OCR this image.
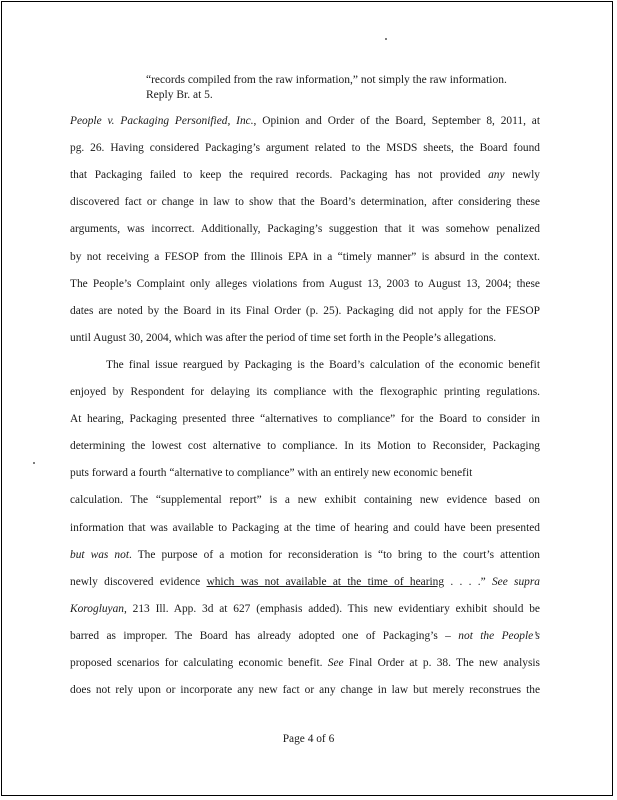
“records compiled from the raw information,” not simply the raw information.
Reply Br. at 5.
People v. Packaging Personified, Inc., Opinion and Order of the Board, September 8, 2011, at
pg. 26. Having considered Packaging’s argument related to the MSDS sheets, the Board found
that Packaging failed to keep the required records. Packaging has not provided any newly
discovered fact or change in law to show that the Board’s determination, after considering these
arguments, was incorrect. Additionally, Packaging’s suggestion that it was somehow penalized
by not receiving a FESOP from the Illinois EPA in a “timely manner” is absurd in the context.
The People’s Complaint only alleges violations from August 13, 2003 to August 13, 2004; these
dates are noted by the Board in its Final Order (p. 25). Packaging did not apply for the FESOP
until August 30, 2004, which was after the period of time set forth in the People’s allegations.
The final issue reargued by Packaging is the Board’s calculation of the economic benefit
enjoyed by Respondent for delaying its compliance with the flexographic printing regulations.
At hearing, Packaging presented three “alternatives to compliance” for the Board to consider in
determining the lowest cost alternative to compliance. In its Motion to Reconsider, Packaging
puts forward a fourth “alternative to compliance” with an entirely new economic benefit
calculation. The “supplemental report” is a new exhibit containing new evidence based on
information that was available to Packaging at the time of hearing and could have been presented
but was not. The purpose of a motion for reconsideration is “to bring to the court’s attention
newly discovered evidence which was not available at the time of hearing . . . .” See supra
Korogluyan, 213 Ill. App. 3d at 627 (emphasis added). This new evidentiary exhibit should be
barred as improper. The Board has already adopted one of Packaging’s – not the People’s
proposed scenarios for calculating economic benefit. See Final Order at p. 38. The new analysis
does not rely upon or incorporate any new fact or any change in law but merely reconstrues the
Page 4 of 6
